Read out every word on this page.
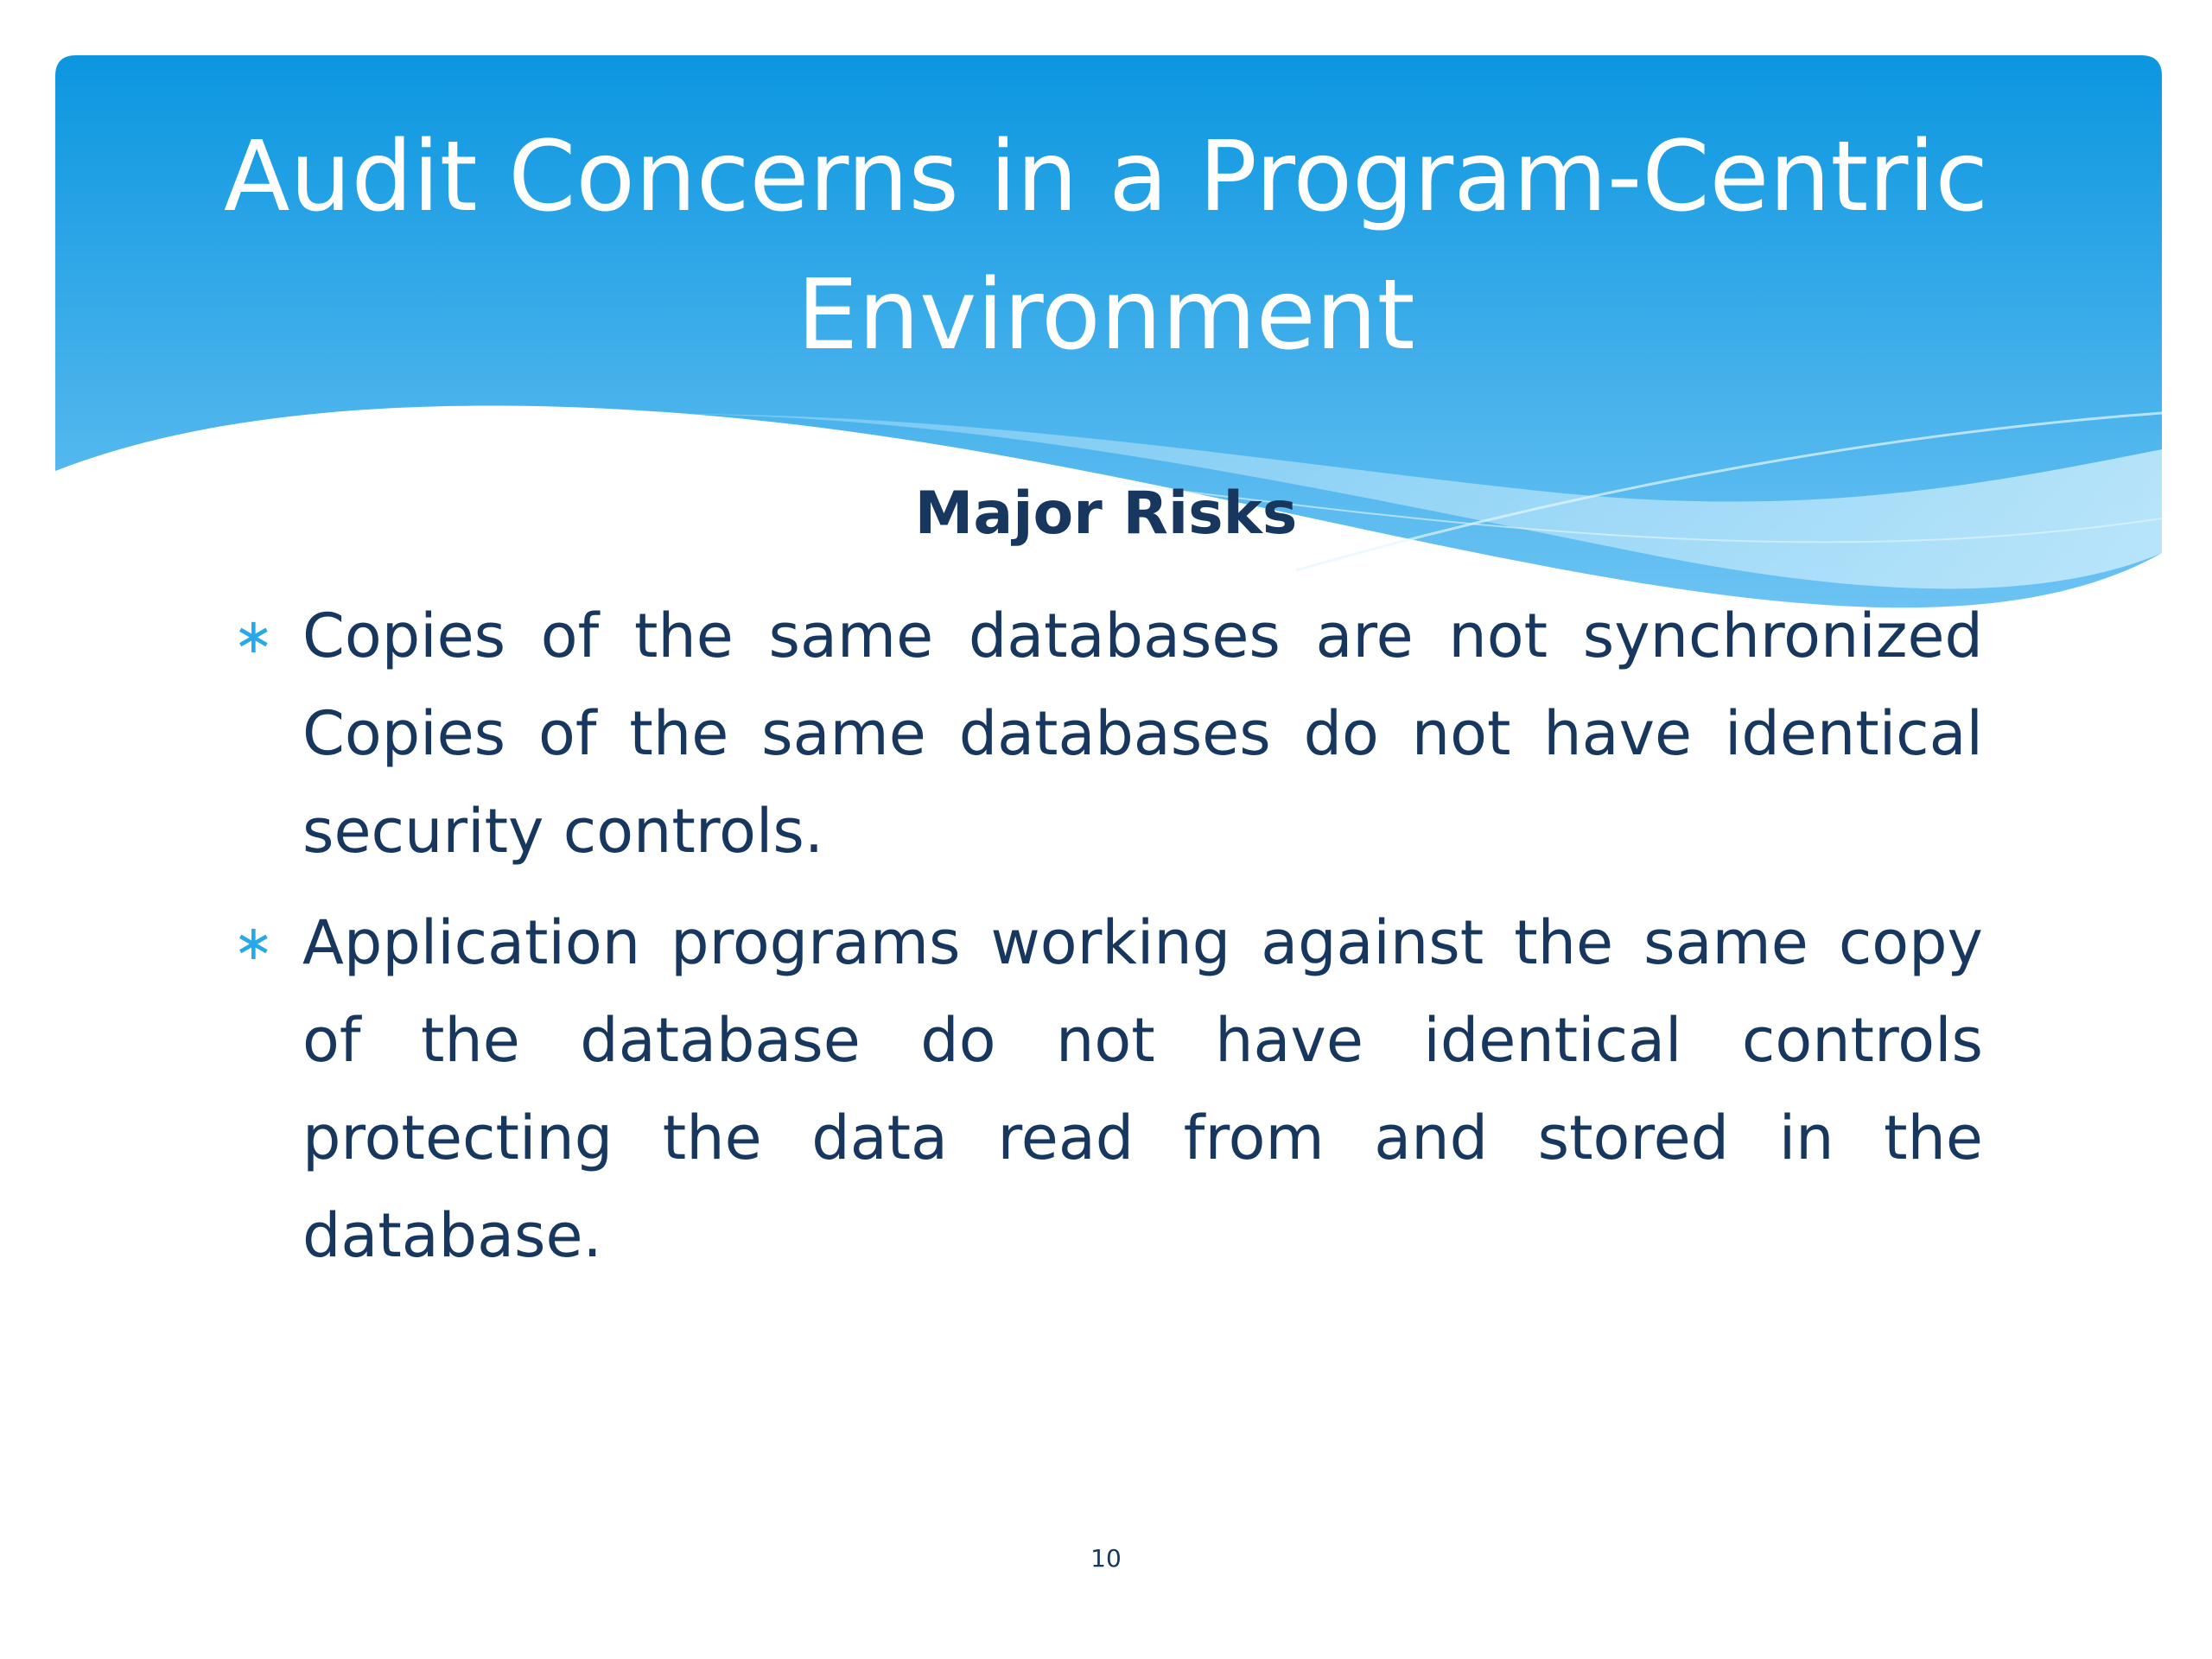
Audit Concerns in a Program-Centric Environment
Major Risks
∗ Copies of the same databases are not synchronized Copies of the same databases do not have identical security controls.
∗ Application programs working against the same copy of the database do not have identical controls protecting the data read from and stored in the database.
10
